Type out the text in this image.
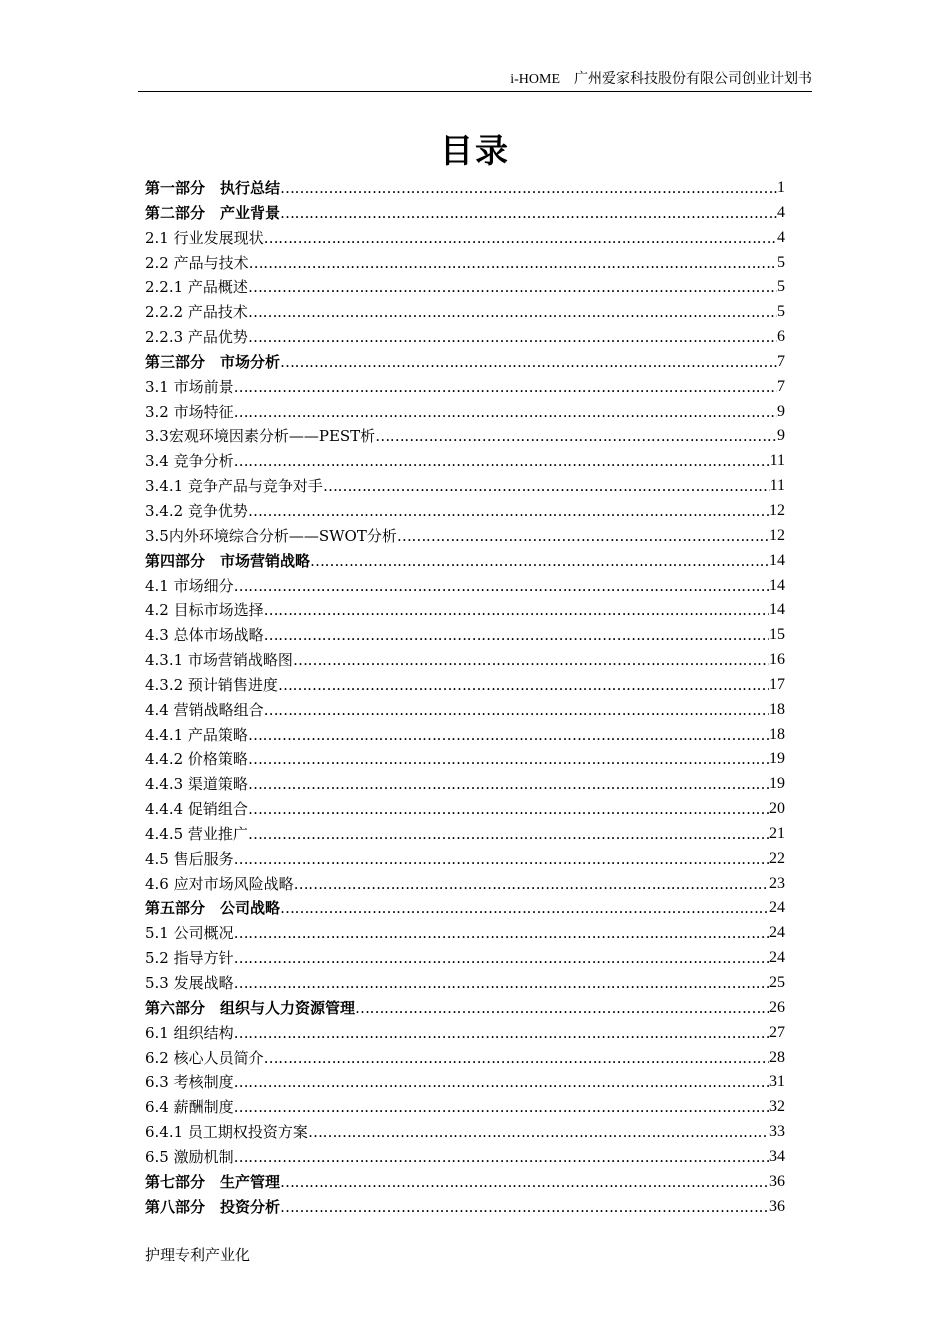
i-HOME　广州爱家科技股份有限公司创业计划书
目录
第一部分　执行总结 …………………………………………………………………………………………………………………………………………………………………………………………	1
第二部分　产业背景 …………………………………………………………………………………………………………………………………………………………………………………………	4
2.1 行业发展现状 …………………………………………………………………………………………………………………………………………………………………………………………	4
2.2 产品与技术 …………………………………………………………………………………………………………………………………………………………………………………………	5
2.2.1 产品概述 …………………………………………………………………………………………………………………………………………………………………………………………	5
2.2.2 产品技术 …………………………………………………………………………………………………………………………………………………………………………………………	5
2.2.3 产品优势 …………………………………………………………………………………………………………………………………………………………………………………………	6
第三部分　市场分析 …………………………………………………………………………………………………………………………………………………………………………………………	7
3.1 市场前景 …………………………………………………………………………………………………………………………………………………………………………………………	7
3.2 市场特征 …………………………………………………………………………………………………………………………………………………………………………………………	9
3.3宏观环境因素分析——PEST析 …………………………………………………………………………………………………………………………………………………………………………………………	9
3.4 竞争分析 …………………………………………………………………………………………………………………………………………………………………………………………	11
3.4.1 竞争产品与竞争对手 …………………………………………………………………………………………………………………………………………………………………………………………	11
3.4.2 竞争优势 …………………………………………………………………………………………………………………………………………………………………………………………	12
3.5内外环境综合分析——SWOT分析 …………………………………………………………………………………………………………………………………………………………………………………………	12
第四部分　市场营销战略 …………………………………………………………………………………………………………………………………………………………………………………………	14
4.1 市场细分 …………………………………………………………………………………………………………………………………………………………………………………………	14
4.2 目标市场选择 …………………………………………………………………………………………………………………………………………………………………………………………	14
4.3 总体市场战略 …………………………………………………………………………………………………………………………………………………………………………………………	15
4.3.1 市场营销战略图 …………………………………………………………………………………………………………………………………………………………………………………………	16
4.3.2 预计销售进度 …………………………………………………………………………………………………………………………………………………………………………………………	17
4.4 营销战略组合 …………………………………………………………………………………………………………………………………………………………………………………………	18
4.4.1 产品策略 …………………………………………………………………………………………………………………………………………………………………………………………	18
4.4.2 价格策略 …………………………………………………………………………………………………………………………………………………………………………………………	19
4.4.3 渠道策略 …………………………………………………………………………………………………………………………………………………………………………………………	19
4.4.4 促销组合 …………………………………………………………………………………………………………………………………………………………………………………………	20
4.4.5 营业推广 …………………………………………………………………………………………………………………………………………………………………………………………	21
4.5 售后服务 …………………………………………………………………………………………………………………………………………………………………………………………	22
4.6 应对市场风险战略 …………………………………………………………………………………………………………………………………………………………………………………………	23
第五部分　公司战略 …………………………………………………………………………………………………………………………………………………………………………………………	24
5.1 公司概况 …………………………………………………………………………………………………………………………………………………………………………………………	24
5.2 指导方针 …………………………………………………………………………………………………………………………………………………………………………………………	24
5.3 发展战略 …………………………………………………………………………………………………………………………………………………………………………………………	25
第六部分　组织与人力资源管理 …………………………………………………………………………………………………………………………………………………………………………………………	26
6.1 组织结构 …………………………………………………………………………………………………………………………………………………………………………………………	27
6.2 核心人员简介 …………………………………………………………………………………………………………………………………………………………………………………………	28
6.3 考核制度 …………………………………………………………………………………………………………………………………………………………………………………………	31
6.4 薪酬制度 …………………………………………………………………………………………………………………………………………………………………………………………	32
6.4.1 员工期权投资方案 …………………………………………………………………………………………………………………………………………………………………………………………	33
6.5 激励机制 …………………………………………………………………………………………………………………………………………………………………………………………	34
第七部分　生产管理 …………………………………………………………………………………………………………………………………………………………………………………………	36
第八部分　投资分析 …………………………………………………………………………………………………………………………………………………………………………………………	36
护理专利产业化
